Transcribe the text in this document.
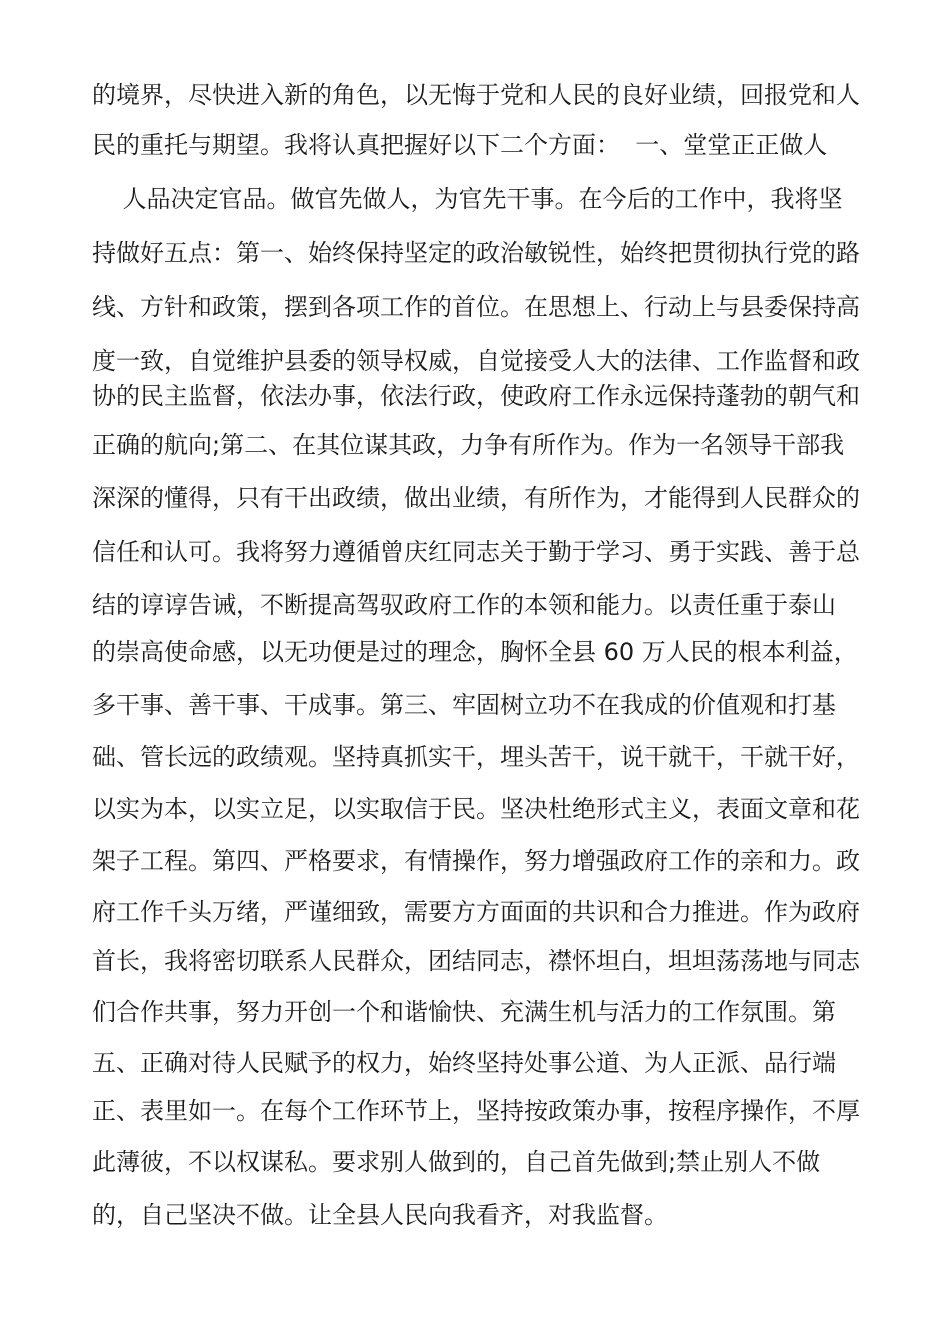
的境界，尽快进入新的角色，以无悔于党和人民的良好业绩，回报党和人
民的重托与期望。我将认真把握好以下二个方面：  一、堂堂正正做人
人品决定官品。做官先做人，为官先干事。在今后的工作中，我将坚
持做好五点：第一、始终保持坚定的政治敏锐性，始终把贯彻执行党的路
线、方针和政策，摆到各项工作的首位。在思想上、行动上与县委保持高
度一致，自觉维护县委的领导权威，自觉接受人大的法律、工作监督和政
协的民主监督，依法办事，依法行政，使政府工作永远保持蓬勃的朝气和
正确的航向;第二、在其位谋其政，力争有所作为。作为一名领导干部我
深深的懂得，只有干出政绩，做出业绩，有所作为，才能得到人民群众的
信任和认可。我将努力遵循曾庆红同志关于勤于学习、勇于实践、善于总
结的谆谆告诫，不断提高驾驭政府工作的本领和能力。以责任重于泰山
的崇高使命感，以无功便是过的理念，胸怀全县 60 万人民的根本利益，
多干事、善干事、干成事。第三、牢固树立功不在我成的价值观和打基
础、管长远的政绩观。坚持真抓实干，埋头苦干，说干就干，干就干好，
以实为本，以实立足，以实取信于民。坚决杜绝形式主义，表面文章和花
架子工程。第四、严格要求，有情操作，努力增强政府工作的亲和力。政
府工作千头万绪，严谨细致，需要方方面面的共识和合力推进。作为政府
首长，我将密切联系人民群众，团结同志，襟怀坦白，坦坦荡荡地与同志
们合作共事，努力开创一个和谐愉快、充满生机与活力的工作氛围。第
五、正确对待人民赋予的权力，始终坚持处事公道、为人正派、品行端
正、表里如一。在每个工作环节上，坚持按政策办事，按程序操作，不厚
此薄彼，不以权谋私。要求别人做到的，自己首先做到;禁止别人不做
的，自己坚决不做。让全县人民向我看齐，对我监督。
